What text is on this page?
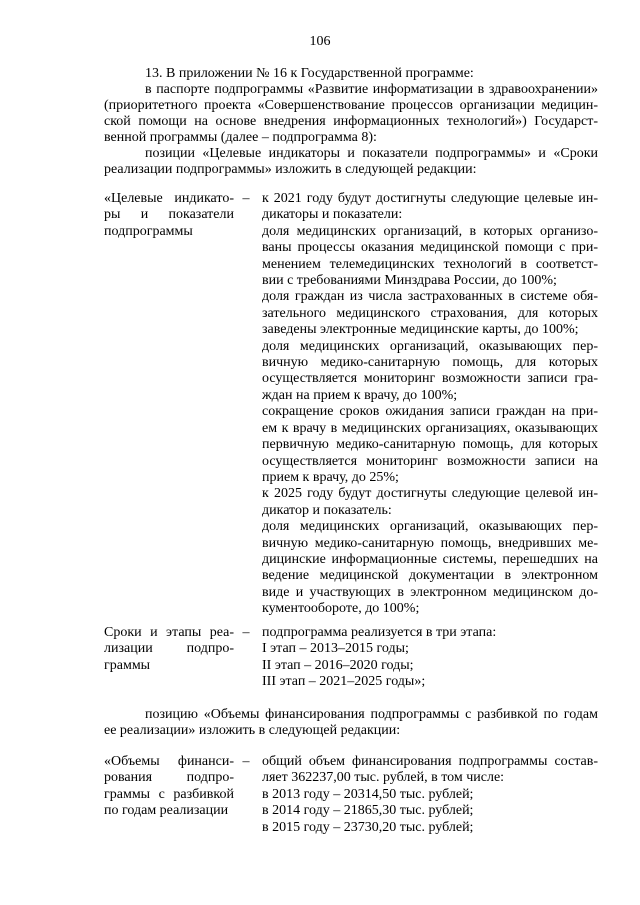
106
13. В приложении № 16 к Государственной программе:
в паспорте подпрограммы «Развитие информатизации в здравоохранении»
(приоритетного проекта «Совершенствование процессов организации медицин-
ской помощи на основе внедрения информационных технологий») Государст-
венной программы (далее – подпрограмма 8):
позиции «Целевые индикаторы и показатели подпрограммы» и «Сроки
реализации подпрограммы» изложить в следующей редакции:
«Целевые индикато-
ры и показатели
подпрограммы
– к 2021 году будут достигнуты следующие целевые ин-
дикаторы и показатели:
доля медицинских организаций, в которых организо-
ваны процессы оказания медицинской помощи с при-
менением телемедицинских технологий в соответст-
вии с требованиями Минздрава России, до 100%;
доля граждан из числа застрахованных в системе обя-
зательного медицинского страхования, для которых
заведены электронные медицинские карты, до 100%;
доля медицинских организаций, оказывающих пер-
вичную медико-санитарную помощь, для которых
осуществляется мониторинг возможности записи гра-
ждан на прием к врачу, до 100%;
сокращение сроков ожидания записи граждан на при-
ем к врачу в медицинских организациях, оказывающих
первичную медико-санитарную помощь, для которых
осуществляется мониторинг возможности записи на
прием к врачу, до 25%;
к 2025 году будут достигнуты следующие целевой ин-
дикатор и показатель:
доля медицинских организаций, оказывающих пер-
вичную медико-санитарную помощь, внедривших ме-
дицинские информационные системы, перешедших на
ведение медицинской документации в электронном
виде и участвующих в электронном медицинском до-
кументообороте, до 100%;
Сроки и этапы реа-
лизации подпро-
граммы
– подпрограмма реализуется в три этапа:
I этап – 2013–2015 годы;
II этап – 2016–2020 годы;
III этап – 2021–2025 годы»;
позицию «Объемы финансирования подпрограммы с разбивкой по годам
ее реализации» изложить в следующей редакции:
«Объемы финанси-
рования подпро-
граммы с разбивкой
по годам реализации
– общий объем финансирования подпрограммы состав-
ляет 362237,00 тыс. рублей, в том числе:
в 2013 году – 20314,50 тыс. рублей;
в 2014 году – 21865,30 тыс. рублей;
в 2015 году – 23730,20 тыс. рублей;
